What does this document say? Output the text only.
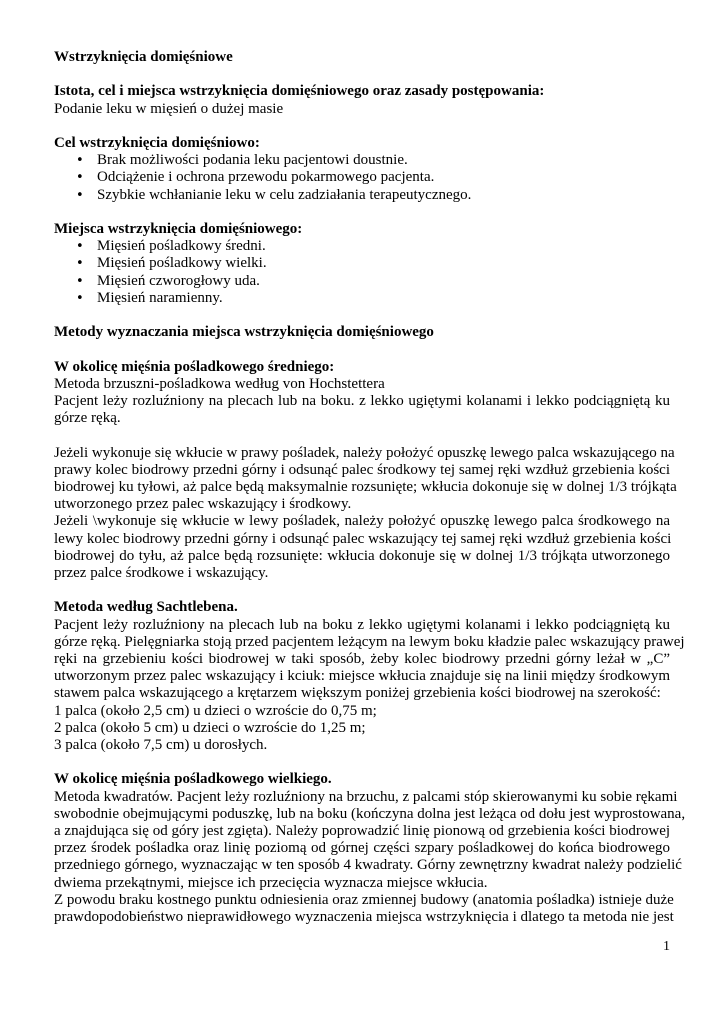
Wstrzyknięcia domięśniowe
Istota, cel i miejsca wstrzyknięcia domięśniowego oraz zasady postępowania:
Podanie leku w mięsień o dużej masie
Cel wstrzyknięcia domięśniowo:
• Brak możliwości podania leku pacjentowi doustnie.
• Odciążenie i ochrona przewodu pokarmowego pacjenta.
• Szybkie wchłanianie leku w celu zadziałania terapeutycznego.
Miejsca wstrzyknięcia domięśniowego:
• Mięsień pośladkowy średni.
• Mięsień pośladkowy wielki.
• Mięsień czworogłowy uda.
• Mięsień naramienny.
Metody wyznaczania miejsca wstrzyknięcia domięśniowego
W okolicę mięśnia pośladkowego średniego:
Metoda brzuszni-pośladkowa według von Hochstettera
Pacjent leży rozluźniony na plecach lub na boku. z lekko ugiętymi kolanami i lekko podciągniętą ku
górze ręką.
Jeżeli wykonuje się wkłucie w prawy pośladek, należy położyć opuszkę lewego palca wskazującego na
prawy kolec biodrowy przedni górny i odsunąć palec środkowy tej samej ręki wzdłuż grzebienia kości
biodrowej ku tyłowi, aż palce będą maksymalnie rozsunięte; wkłucia dokonuje się w dolnej 1/3 trójkąta
utworzonego przez palec wskazujący i środkowy.
Jeżeli \wykonuje się wkłucie w lewy pośladek, należy położyć opuszkę lewego palca środkowego na
lewy kolec biodrowy przedni górny i odsunąć palec wskazujący tej samej ręki wzdłuż grzebienia kości
biodrowej do tyłu, aż palce będą rozsunięte: wkłucia dokonuje się w dolnej 1/3 trójkąta utworzonego
przez palce środkowe i wskazujący.
Metoda według Sachtlebena.
Pacjent leży rozluźniony na plecach lub na boku z lekko ugiętymi kolanami i lekko podciągniętą ku
górze ręką. Pielęgniarka stoją przed pacjentem leżącym na lewym boku kładzie palec wskazujący prawej
ręki na grzebieniu kości biodrowej w taki sposób, żeby kolec biodrowy przedni górny leżał w „C”
utworzonym przez palec wskazujący i kciuk: miejsce wkłucia znajduje się na linii między środkowym
stawem palca wskazującego a krętarzem większym poniżej grzebienia kości biodrowej na szerokość:
1 palca (około 2,5 cm) u dzieci o wzroście do 0,75 m;
2 palca (około 5 cm) u dzieci o wzroście do 1,25 m;
3 palca (około 7,5 cm) u dorosłych.
W okolicę mięśnia pośladkowego wielkiego.
Metoda kwadratów. Pacjent leży rozluźniony na brzuchu, z palcami stóp skierowanymi ku sobie rękami
swobodnie obejmującymi poduszkę, lub na boku (kończyna dolna jest leżąca od dołu jest wyprostowana,
a znajdująca się od góry jest zgięta). Należy poprowadzić linię pionową od grzebienia kości biodrowej
przez środek pośladka oraz linię poziomą od górnej części szpary pośladkowej do końca biodrowego
przedniego górnego, wyznaczając w ten sposób 4 kwadraty. Górny zewnętrzny kwadrat należy podzielić
dwiema przekątnymi, miejsce ich przecięcia wyznacza miejsce wkłucia.
Z powodu braku kostnego punktu odniesienia oraz zmiennej budowy (anatomia pośladka) istnieje duże
prawdopodobieństwo nieprawidłowego wyznaczenia miejsca wstrzyknięcia i dlatego ta metoda nie jest
1
